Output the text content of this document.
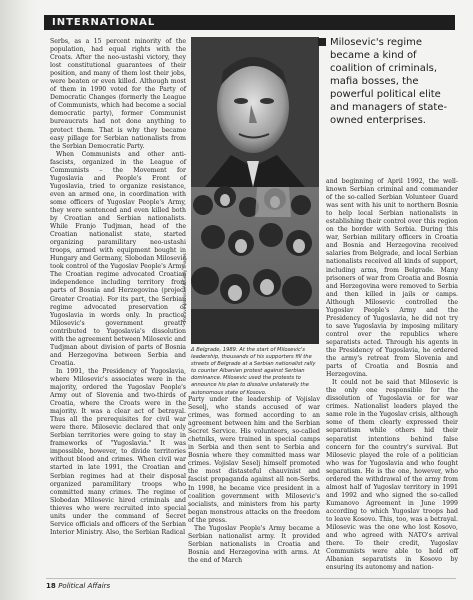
INTERNATIONAL

Serbs, as a 15 percent minority of the population, had equal rights with the Croats. After the neo-ustashi victory, they lost constitutional guarantees of their position, and many of them lost their jobs, were beaten or even killed. Although most of them in 1990 voted for the Party of Democratic Changes (formerly the League of Communists, which had become a social democratic party), former Communist bureaucrats had not done anything to protect them. That is why they became easy pillage for Serbian nationalists from the Serbian Democratic Party.

When Communists and other anti-fascists, organized in the League of Communists – the Movement for Yugoslavia and People's Front of Yugoslavia, tried to organize resistance, even an armed one, in coordination with some officers of Yugoslav People's Army, they were sentenced and even killed both by Croatian and Serbian nationalists. While Franjo Tudjman, head of the Croatian nationalist state, started organizing paramilitary neo-ustashi troops, armed with equipment bought in Hungary and Germany, Slobodan Milosevic took control of the Yugoslav People's Army. The Croatian regime advocated Croatian independence including territory from parts of Bosnia and Herzegovina (project Greater Croatia). For its part, the Serbian regime advocated preservation of Yugoslavia in words only. In practice, Milosevic's government greatly contributed to Yugoslavia's dissolution with the agreement between Milosevic and Tudjman about division of parts of Bosnia and Herzegovina between Serbia and Croatia.

In 1991, the Presidency of Yugoslavia, where Milosevic's associates were in the majority, ordered the Yugoslav People's Army out of Slovenia and two-thirds of Croatia, where the Croats were in the majority. It was a clear act of betrayal. Thus all the prerequisites for civil war were there. Milosevic declared that only Serbian territories were going to stay in frameworks of "Yugoslavia." It was impossible, however, to divide territories without blood and crimes. When civil war started in late 1991, the Croatian and Serbian regimes had at their disposal organized paramilitary troops who committed many crimes. The regime of Slobodan Milosevic hired criminals and thieves who were recruited into special units under the command of Secret Service officials and officers of the Serbian Interior Ministry. Also, the Serbian Radical

Poltava Novosti/AP/Getty Images
Δ Belgrade, 1989. At the start of Milosevic's leadership, thousands of his supporters fill the streets of Belgrade at a Serbian nationalist rally to counter Albanian protest against Serbian dominance. Milosevic used the protests to announce his plan to dissolve unilaterally the autonomous state of Kosovo.
Milosevic's regime became a kind of coalition of criminals, mafia bosses, the powerful political elite and managers of state-owned enterprises.

Party under the leadership of Vojislav Seselj, who stands accused of war crimes, was formed according to an agreement between him and the Serbian Secret Service. His volunteers, so-called chetniks, were trained in special camps in Serbia and then sent to Serbia and Bosnia where they committed mass war crimes. Vojislav Seselj himself promoted the most distasteful chauvinist and fascist propaganda against all non-Serbs. In 1998, he became vice president in a coalition government with Milosevic's socialists, and ministers from his party began monstrous attacks on the freedom of the press.

The Yugoslav People's Army became a Serbian nationalist army. It provided Serbian nationalists in Croatia and Bosnia and Herzegovina with arms. At the end of March

and beginning of April 1992, the well-known Serbian criminal and commander of the so-called Serbian Volunteer Guard was sent with his unit to northern Bosnia to help local Serbian nationalists in establishing their control over this region on the border with Serbia. During this war, Serbian military officers in Croatia and Bosnia and Herzegovina received salaries from Belgrade, and local Serbian nationalists received all kinds of support, including arms, from Belgrade. Many prisoners of war from Croatia and Bosnia and Herzegovina were removed to Serbia and then killed in jails or camps. Although Milosevic controlled the Yugoslav People's Army and the Presidency of Yugoslavia, he did not try to save Yugoslavia by imposing military control over the republics where separatists acted. Through his agents in the Presidency of Yugoslavia, he ordered the army's retreat from Slovenia and parts of Croatia and Bosnia and Herzegovina.

It could not be said that Milosevic is the only one responsible for the dissolution of Yugoslavia or for war crimes. Nationalist leaders played the same role in the Yugoslav crisis, although some of them clearly expressed their separatism while others hid their separatist intentions behind false concern for the country's survival. But Milosevic played the role of a politician who was for Yugoslavia and who fought separatism. He is the one, however, who ordered the withdrawal of the army from almost half of Yugoslav territory in 1991 and 1992 and who signed the so-called Kumanovo Agreement in June 1999 according to which Yugoslav troops had to leave Kosovo. This, too, was a betrayal. Milosevic was the one who lost Kosovo, and who agreed with NATO's arrival there. To their credit, Yugoslav Communists were able to hold off Albanian separatists in Kosovo by ensuring its autonomy and nation-

18 Political Affairs
